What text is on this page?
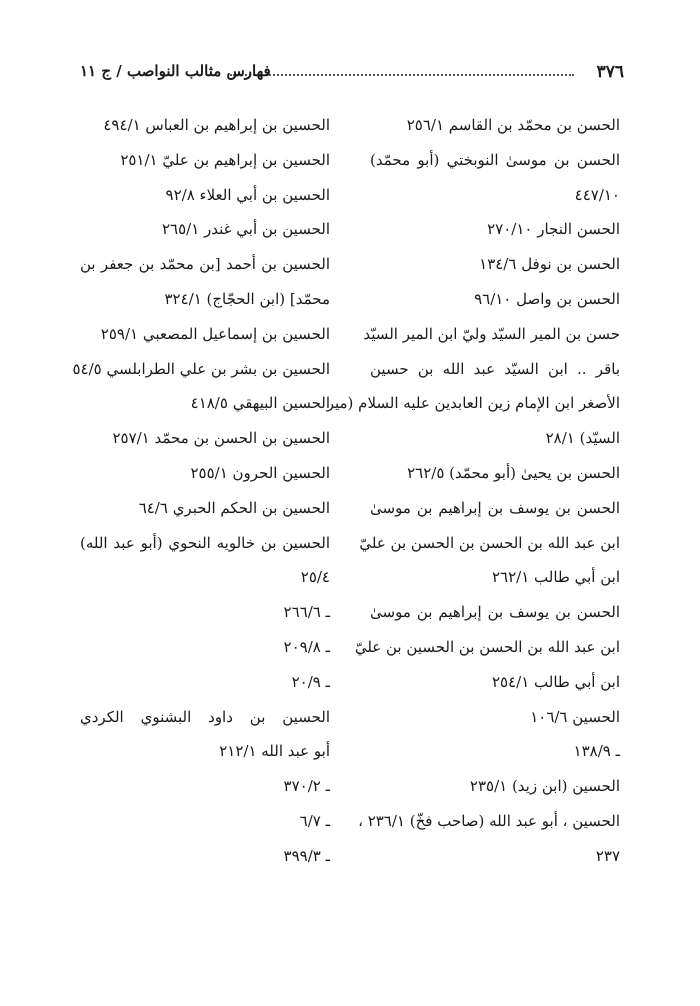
٣٧٦
فهارس مثالب النواصب / ج ١١
الحسن بن محمّد بن القاسم ٢٥٦/١
الحسن بن موسىٰ النوبختي (أبو محمّد)
٤٤٧/١٠
الحسن النجار ٢٧٠/١٠
الحسن بن نوفل ١٣٤/٦
الحسن بن واصل ٩٦/١٠
حسن بن المير السيّد وليّ ابن المير السيّد
باقر .. ابن السيّد عبد الله بن حسين
الأصغر ابن الإمام زين العابدين عليه السلام (مير
السيّد) ٢٨/١
الحسن بن يحيىٰ (أبو محمّد) ٢٦٢/٥
الحسن بن يوسف بن إبراهيم بن موسىٰ
ابن عبد الله بن الحسن بن الحسن بن عليّ
ابن أبي طالب ٢٦٢/١
الحسن بن يوسف بن إبراهيم بن موسىٰ
ابن عبد الله بن الحسن بن الحسين بن عليّ
ابن أبي طالب ٢٥٤/١
الحسين ١٠٦/٦
ـ ١٣٨/٩
الحسين (ابن زيد) ٢٣٥/١
الحسين ، أبو عبد الله (صاحب فخّ) ٢٣٦/١ ،
٢٣٧
الحسين بن إبراهيم بن العباس ٤٩٤/١
الحسين بن إبراهيم بن عليّ ٢٥١/١
الحسين بن أبي العلاء ٩٢/٨
الحسين بن أبي غندر ٢٦٥/١
الحسين بن أحمد [بن محمّد بن جعفر بن
محمّد] (ابن الحجّاج) ٣٢٤/١
الحسين بن إسماعيل المصعبي ٢٥٩/١
الحسين بن بشر بن علي الطرابلسي ٥٤/٥
الحسين البيهقي ٤١٨/٥
الحسين بن الحسن بن محمّد ٢٥٧/١
الحسين الحرون ٢٥٥/١
الحسين بن الحكم الحبري ٦٤/٦
الحسين بن خالويه النحوي (أبو عبد الله)
٢٥/٤
ـ ٢٦٦/٦
ـ ٢٠٩/٨
ـ ٢٠/٩
الحسين بن داود البشنوي الكردي
أبو عبد الله ٢١٢/١
ـ ٣٧٠/٢
ـ ٦/٧
ـ ٣٩٩/٣
